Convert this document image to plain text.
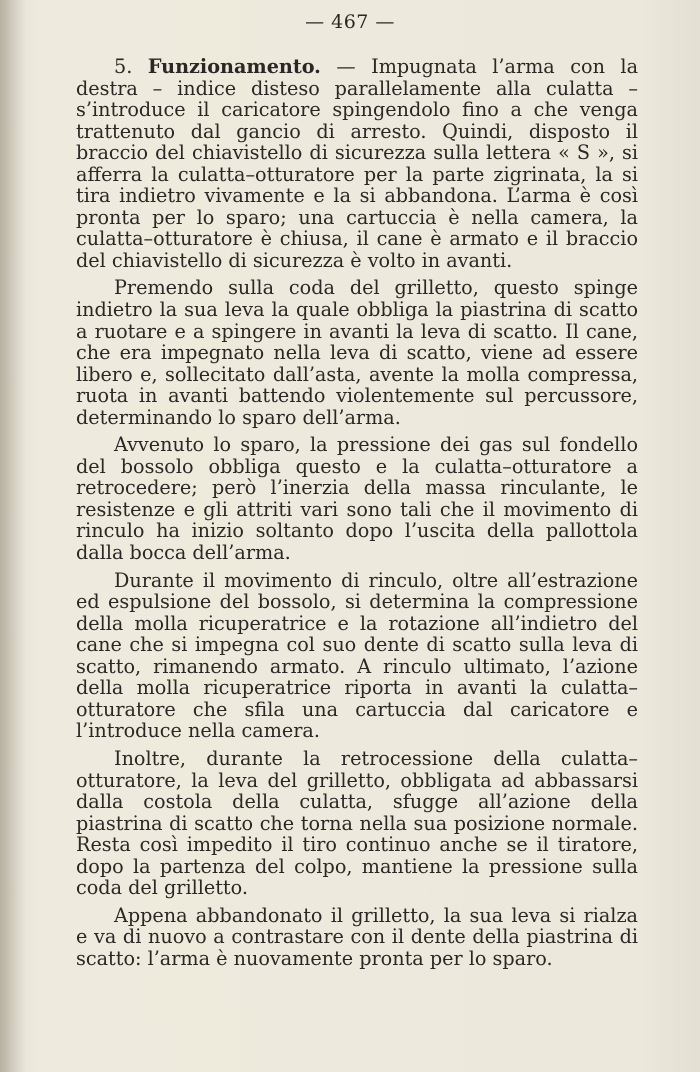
— 467 —

5. Funzionamento. — Impugnata l’arma con la destra – indice disteso parallelamente alla culatta – s’introduce il caricatore spingendolo fino a che venga trattenuto dal gancio di arresto. Quindi, disposto il braccio del chiavistello di sicurezza sulla lettera « S », si afferra la culatta–otturatore per la parte zigrinata, la si tira indietro vivamente e la si abbandona. L’arma è così pronta per lo sparo; una cartuccia è nella camera, la culatta–otturatore è chiusa, il cane è armato e il braccio del chiavistello di sicurezza è volto in avanti.

Premendo sulla coda del grilletto, questo spinge indietro la sua leva la quale obbliga la piastrina di scatto a ruotare e a spingere in avanti la leva di scatto. Il cane, che era impegnato nella leva di scatto, viene ad essere libero e, sollecitato dall’asta, avente la molla compressa, ruota in avanti battendo violentemente sul percussore, determinando lo sparo dell’arma.

Avvenuto lo sparo, la pressione dei gas sul fondello del bossolo obbliga questo e la culatta–otturatore a retrocedere; però l’inerzia della massa rinculante, le resistenze e gli attriti vari sono tali che il movimento di rinculo ha inizio soltanto dopo l’uscita della pallottola dalla bocca dell’arma.

Durante il movimento di rinculo, oltre all’estrazione ed espulsione del bossolo, si determina la compressione della molla ricuperatrice e la rotazione all’indietro del cane che si impegna col suo dente di scatto sulla leva di scatto, rimanendo armato. A rinculo ultimato, l’azione della molla ricuperatrice riporta in avanti la culatta–otturatore che sfila una cartuccia dal caricatore e l’introduce nella camera.

Inoltre, durante la retrocessione della culatta–otturatore, la leva del grilletto, obbligata ad abbassarsi dalla costola della culatta, sfugge all’azione della piastrina di scatto che torna nella sua posizione normale. Resta così impedito il tiro continuo anche se il tiratore, dopo la partenza del colpo, mantiene la pressione sulla coda del grilletto.

Appena abbandonato il grilletto, la sua leva si rialza e va di nuovo a contrastare con il dente della piastrina di scatto: l’arma è nuovamente pronta per lo sparo.
